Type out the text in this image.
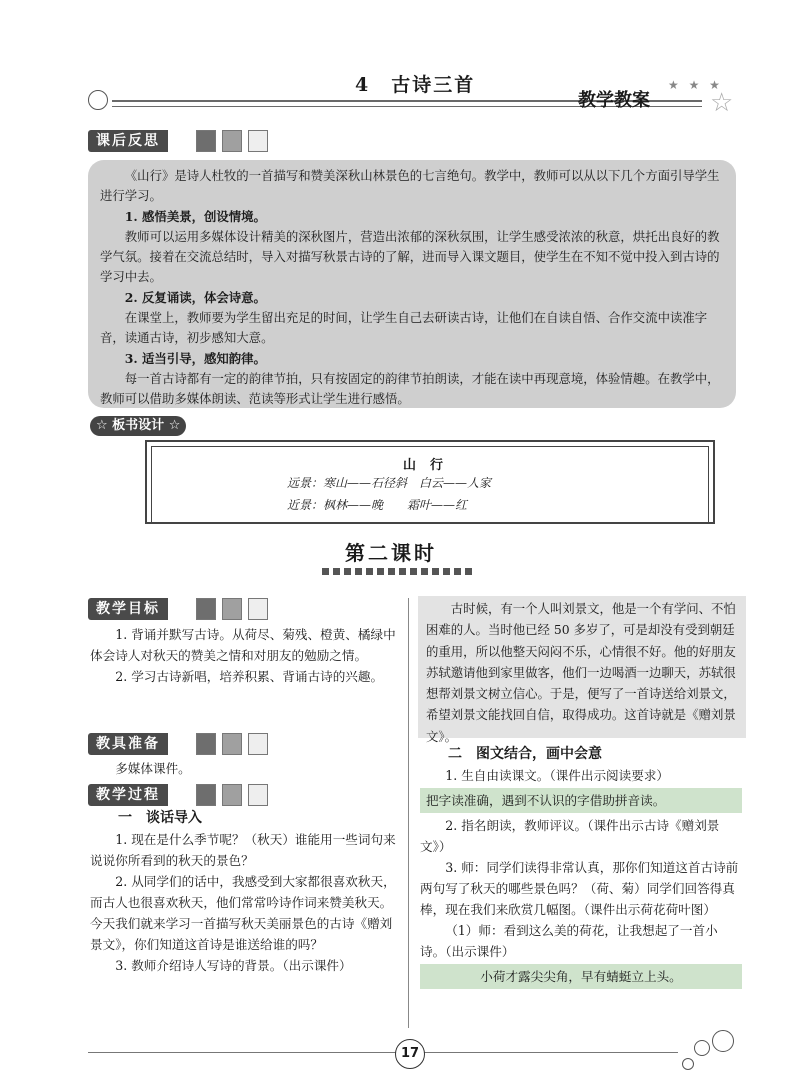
4　古诗三首
教学教案
★ ★ ★
☆
课后反思

《山行》是诗人杜牧的一首描写和赞美深秋山林景色的七言绝句。教学中，教师可以从以下几个方面引导学生进行学习。

1. 感悟美景，创设情境。

教师可以运用多媒体设计精美的深秋图片，营造出浓郁的深秋氛围，让学生感受浓浓的秋意，烘托出良好的教学气氛。接着在交流总结时，导入对描写秋景古诗的了解，进而导入课文题目，使学生在不知不觉中投入到古诗的学习中去。

2. 反复诵读，体会诗意。

在课堂上，教师要为学生留出充足的时间，让学生自己去研读古诗，让他们在自读自悟、合作交流中读准字音，读通古诗，初步感知大意。

3. 适当引导，感知韵律。

每一首古诗都有一定的韵律节拍，只有按固定的韵律节拍朗读，才能在读中再现意境，体验情趣。在教学中，教师可以借助多媒体朗读、范读等形式让学生进行感悟。

☆ 板书设计 ☆
山行
远景：寒山——石径斜　白云——人家
近景：枫林——晚　　霜叶——红
第二课时
教学目标

1. 背诵并默写古诗。从荷尽、菊残、橙黄、橘绿中体会诗人对秋天的赞美之情和对朋友的勉励之情。

2. 学习古诗新唱，培养积累、背诵古诗的兴趣。

教具准备

多媒体课件。

教学过程

一　谈话导入

1. 现在是什么季节呢？（秋天）谁能用一些词句来说说你所看到的秋天的景色？

2. 从同学们的话中，我感受到大家都很喜欢秋天，而古人也很喜欢秋天，他们常常吟诗作词来赞美秋天。今天我们就来学习一首描写秋天美丽景色的古诗《赠刘景文》，你们知道这首诗是谁送给谁的吗？

3. 教师介绍诗人写诗的背景。（出示课件）

古时候，有一个人叫刘景文，他是一个有学问、不怕困难的人。当时他已经 50 多岁了，可是却没有受到朝廷的重用，所以他整天闷闷不乐，心情很不好。他的好朋友苏轼邀请他到家里做客，他们一边喝酒一边聊天，苏轼很想帮刘景文树立信心。于是，便写了一首诗送给刘景文，希望刘景文能找回自信，取得成功。这首诗就是《赠刘景文》。

二　图文结合，画中会意

1. 生自由读课文。（课件出示阅读要求）

把字读准确，遇到不认识的字借助拼音读。

2. 指名朗读，教师评议。（课件出示古诗《赠刘景文》）

3. 师：同学们读得非常认真，那你们知道这首古诗前两句写了秋天的哪些景色吗？（荷、菊）同学们回答得真棒，现在我们来欣赏几幅图。（课件出示荷花荷叶图）

（1）师：看到这么美的荷花，让我想起了一首小诗。（出示课件）

小荷才露尖尖角，早有蜻蜓立上头。

17
